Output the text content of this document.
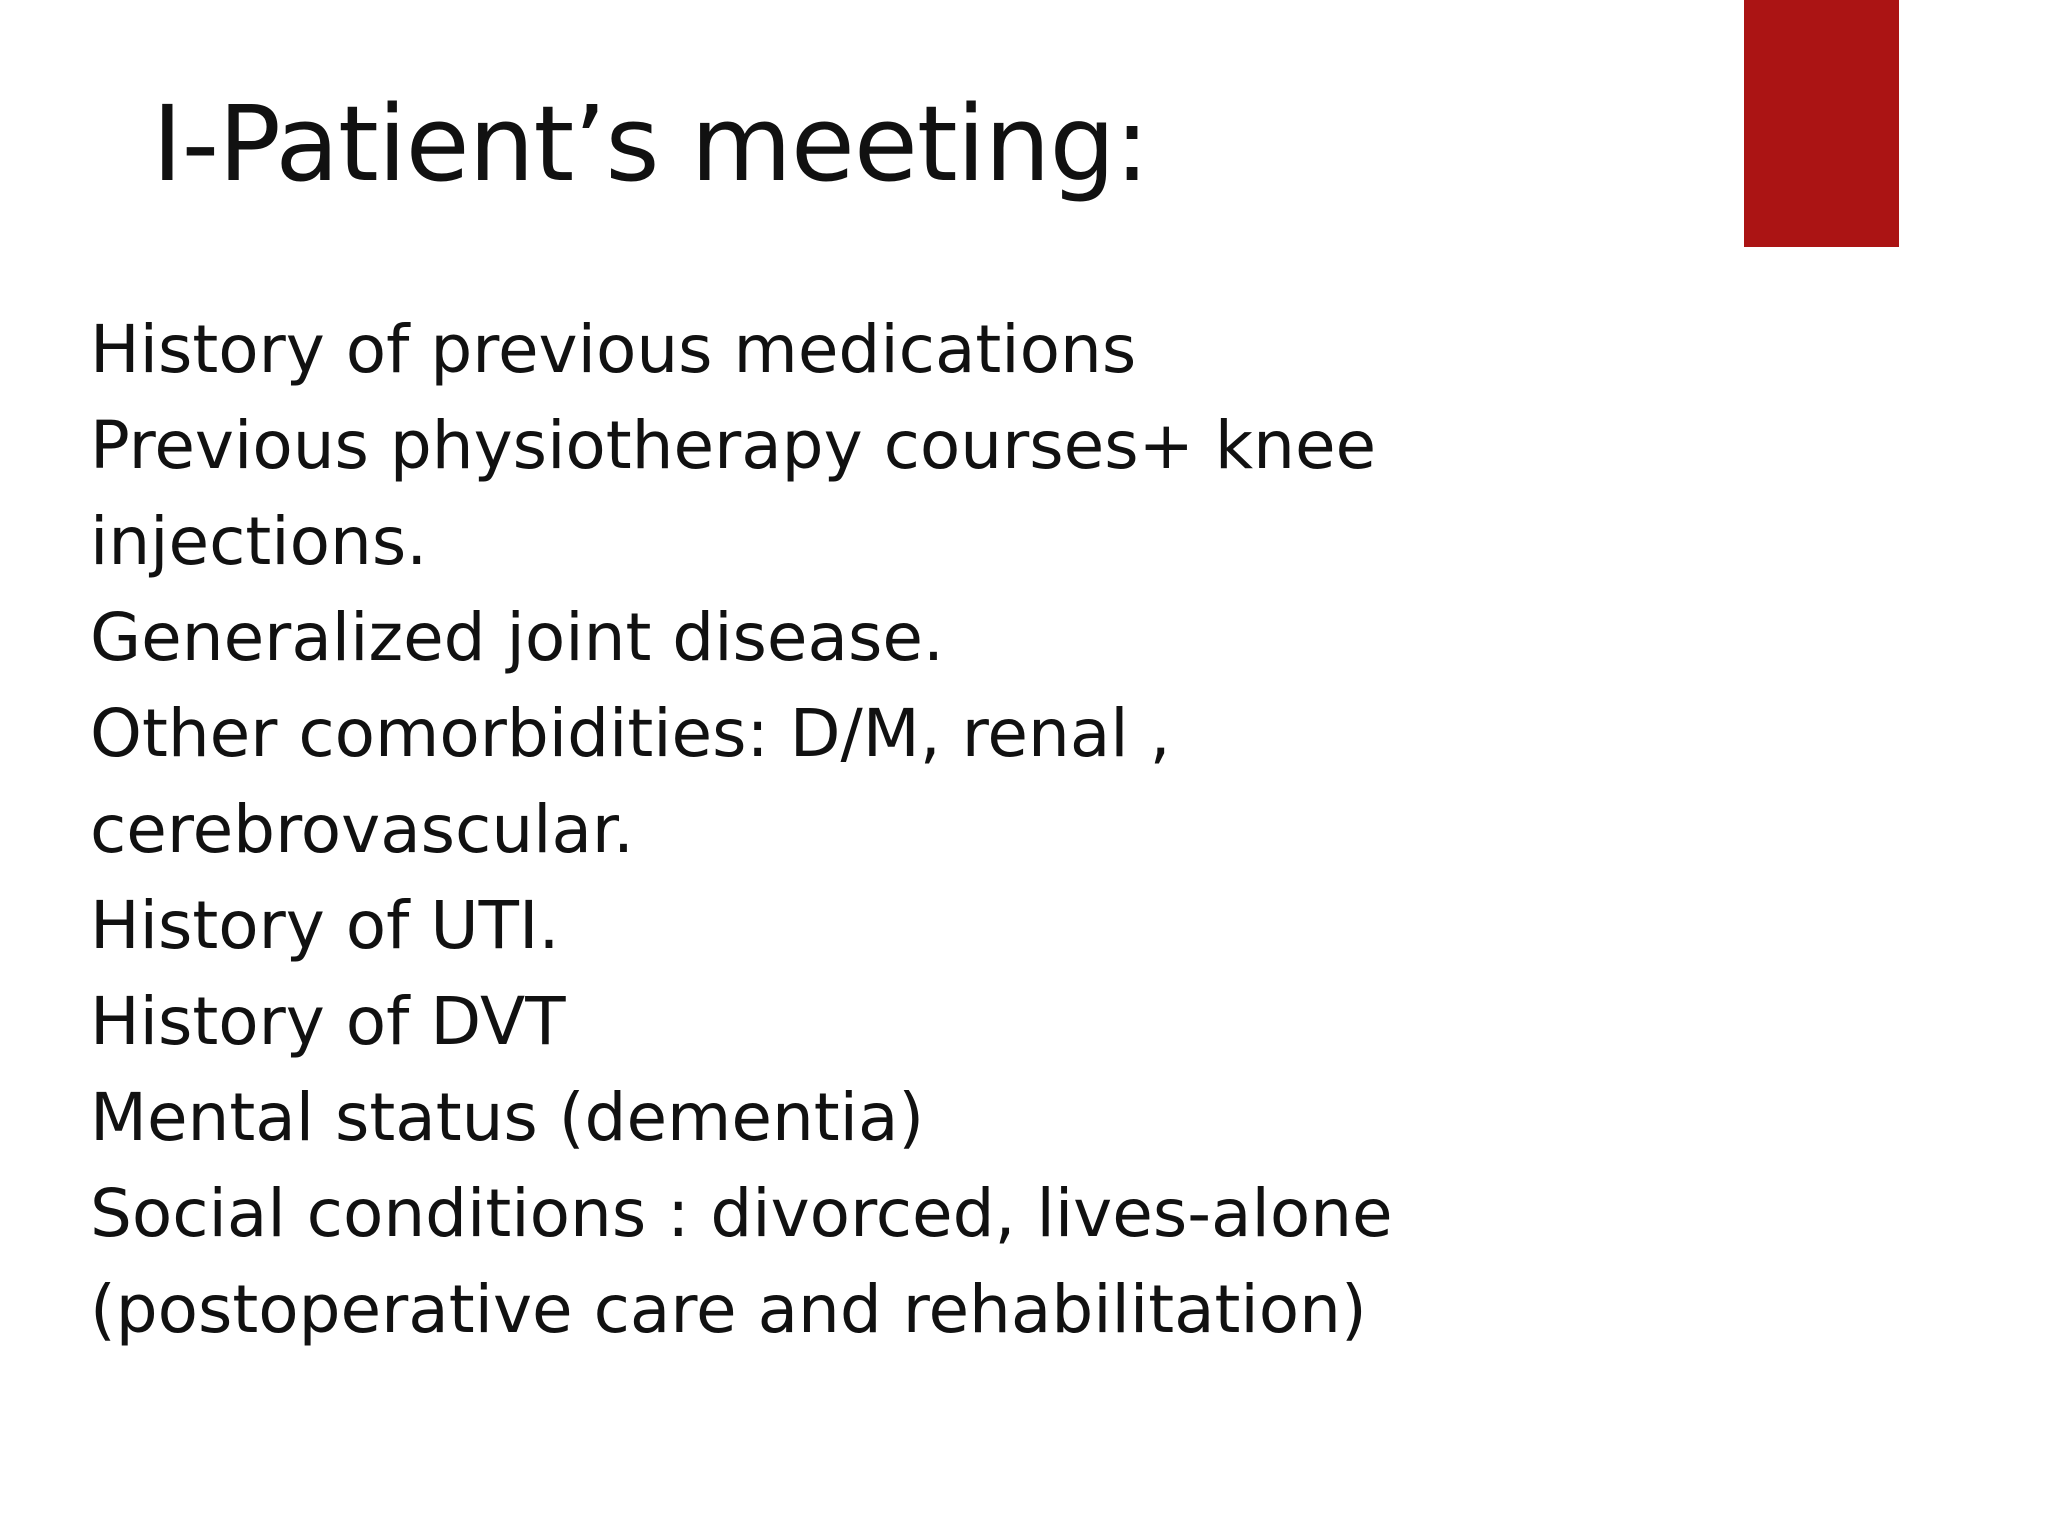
I-Patient’s meeting:
History of previous medications
Previous physiotherapy courses+ knee
injections.
Generalized joint disease.
Other comorbidities: D/M, renal ,
cerebrovascular.
History of UTI.
History of DVT
Mental status (dementia)
Social conditions : divorced, lives-alone
(postoperative care and rehabilitation)
